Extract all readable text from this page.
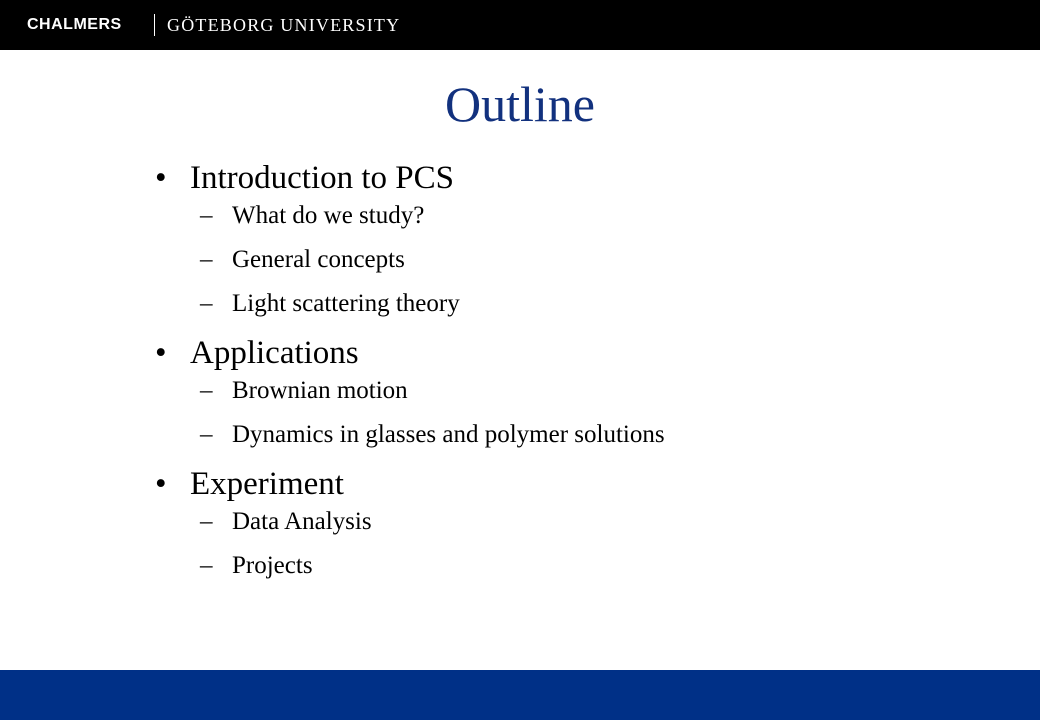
CHALMERS	GÖTEBORG UNIVERSITY
Outline
• Introduction to PCS
– What do we study?
– General concepts
– Light scattering theory
• Applications
– Brownian motion
– Dynamics in glasses and polymer solutions
• Experiment
– Data Analysis
– Projects
